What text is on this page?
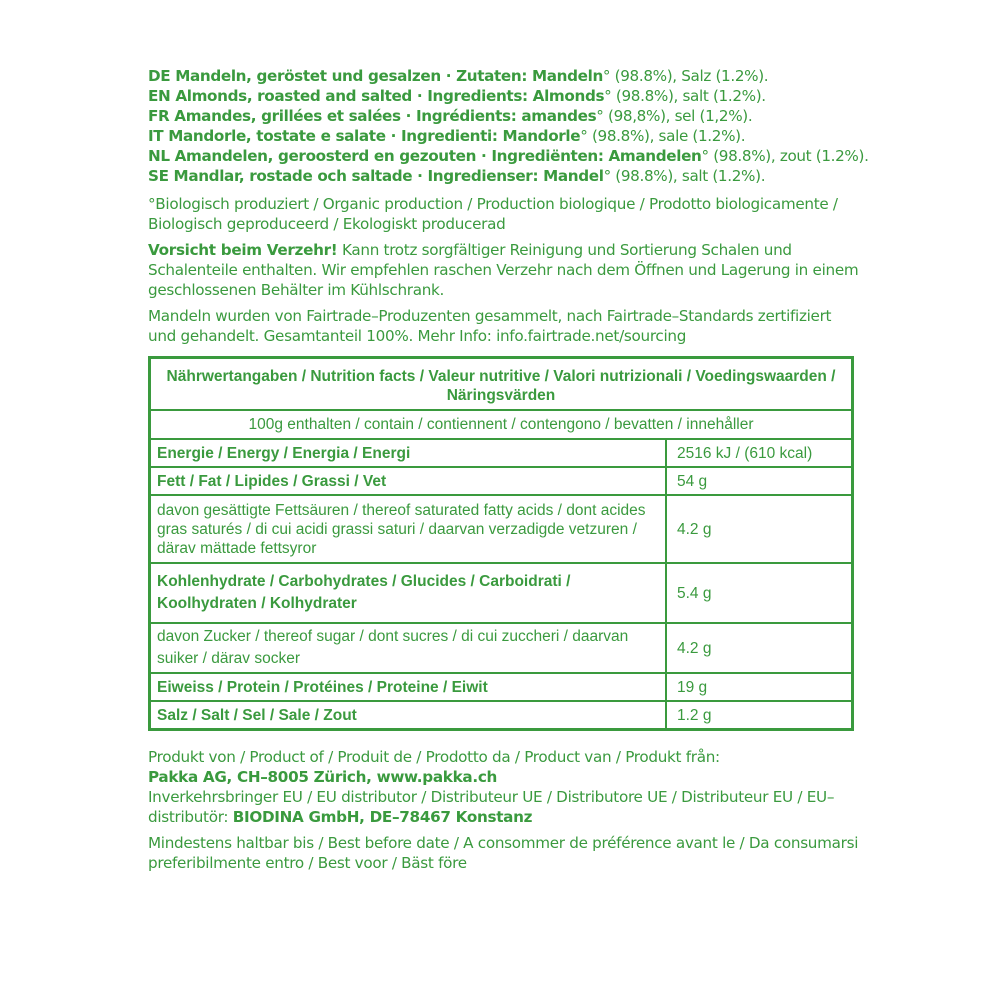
DE Mandeln, geröstet und gesalzen · Zutaten: Mandeln° (98.8%), Salz (1.2%).
EN Almonds, roasted and salted · Ingredients: Almonds° (98.8%), salt (1.2%).
FR Amandes, grillées et salées · Ingrédients: amandes° (98,8%), sel (1,2%).
IT Mandorle, tostate e salate · Ingredienti: Mandorle° (98.8%), sale (1.2%).
NL Amandelen, geroosterd en gezouten · Ingrediënten: Amandelen° (98.8%), zout (1.2%).
SE Mandlar, rostade och saltade · Ingredienser: Mandel° (98.8%), salt (1.2%).
°Biologisch produziert / Organic production / Production biologique / Prodotto biologicamente / Biologisch geproduceerd / Ekologiskt producerad
Vorsicht beim Verzehr! Kann trotz sorgfältiger Reinigung und Sortierung Schalen und Schalenteile enthalten. Wir empfehlen raschen Verzehr nach dem Öffnen und Lagerung in einem geschlossenen Behälter im Kühlschrank.
Mandeln wurden von Fairtrade–Produzenten gesammelt, nach Fairtrade–Standards zertifiziert und gehandelt. Gesamtanteil 100%. Mehr Info: info.fairtrade.net/sourcing
Nährwertangaben / Nutrition facts / Valeur nutritive / Valori nutrizionali / Voedingswaarden / Näringsvärden	
100g enthalten / contain / contiennent / contengono / bevatten / innehåller	
Energie / Energy / Energia / Energi	2516 kJ / (610 kcal)
Fett / Fat / Lipides / Grassi / Vet	54 g
davon gesättigte Fettsäuren / thereof saturated fatty acids / dont acides gras saturés / di cui acidi grassi saturi / daarvan verzadigde vetzuren / därav mättade fettsyror	4.2 g
Kohlenhydrate / Carbohydrates / Glucides / Carboidrati / Koolhydraten / Kolhydrater	5.4 g
davon Zucker / thereof sugar / dont sucres / di cui zuccheri / daarvan suiker / därav socker	4.2 g
Eiweiss / Protein / Protéines / Proteine / Eiwit	19 g
Salz / Salt / Sel / Sale / Zout	1.2 g
Produkt von / Product of / Produit de / Prodotto da / Product van / Produkt från:
Pakka AG, CH–8005 Zürich, www.pakka.ch
Inverkehrsbringer EU / EU distributor / Distributeur UE / Distributore UE / Distributeur EU / EU–distributör: BIODINA GmbH, DE–78467 Konstanz
Mindestens haltbar bis / Best before date / A consommer de préférence avant le / Da consumarsi preferibilmente entro / Best voor / Bäst före
